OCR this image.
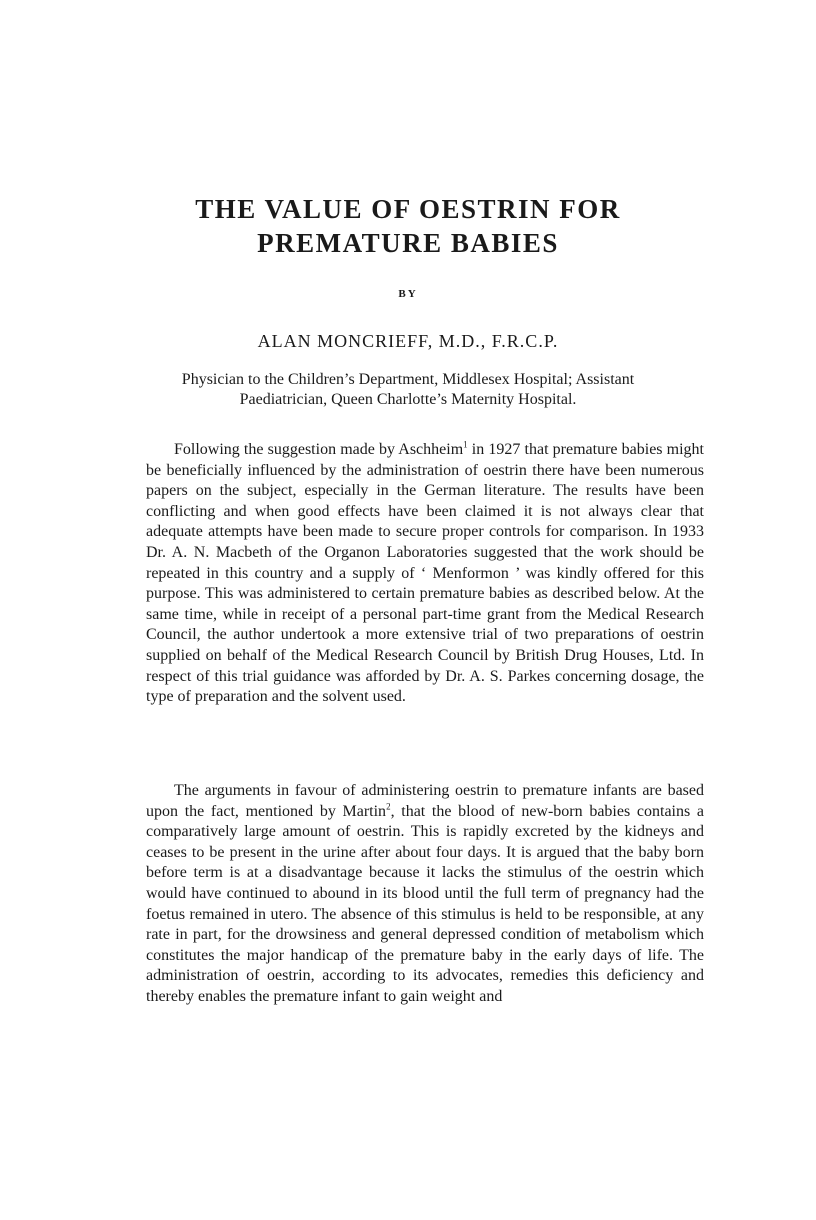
THE VALUE OF OESTRIN FOR
PREMATURE BABIES
BY
ALAN MONCRIEFF, M.D., F.R.C.P.
Physician to the Children’s Department, Middlesex Hospital; Assistant
Paediatrician, Queen Charlotte’s Maternity Hospital.

Following the suggestion made by Aschheim$^1$ in 1927 that premature babies might be beneficially influenced by the administration of oestrin there have been numerous papers on the subject, especially in the German literature. The results have been conflicting and when good effects have been claimed it is not always clear that adequate attempts have been made to secure proper controls for comparison. In 1933 Dr. A. N. Macbeth of the Organon Laboratories suggested that the work should be repeated in this country and a supply of ‘ Menformon ’ was kindly offered for this purpose. This was administered to certain premature babies as described below. At the same time, while in receipt of a personal part-time grant from the Medical Research Council, the author undertook a more extensive trial of two preparations of oestrin supplied on behalf of the Medical Research Council by British Drug Houses, Ltd. In respect of this trial guidance was afforded by Dr. A. S. Parkes concerning dosage, the type of preparation and the solvent used.

The arguments in favour of administering oestrin to premature infants are based upon the fact, mentioned by Martin$^2$, that the blood of new-born babies contains a comparatively large amount of oestrin. This is rapidly excreted by the kidneys and ceases to be present in the urine after about four days. It is argued that the baby born before term is at a disadvantage because it lacks the stimulus of the oestrin which would have continued to abound in its blood until the full term of pregnancy had the foetus remained in utero. The absence of this stimulus is held to be responsible, at any rate in part, for the drowsiness and general depressed condition of metabolism which constitutes the major handicap of the premature baby in the early days of life. The administration of oestrin, according to its advocates, remedies this deficiency and thereby enables the premature infant to gain weight and
